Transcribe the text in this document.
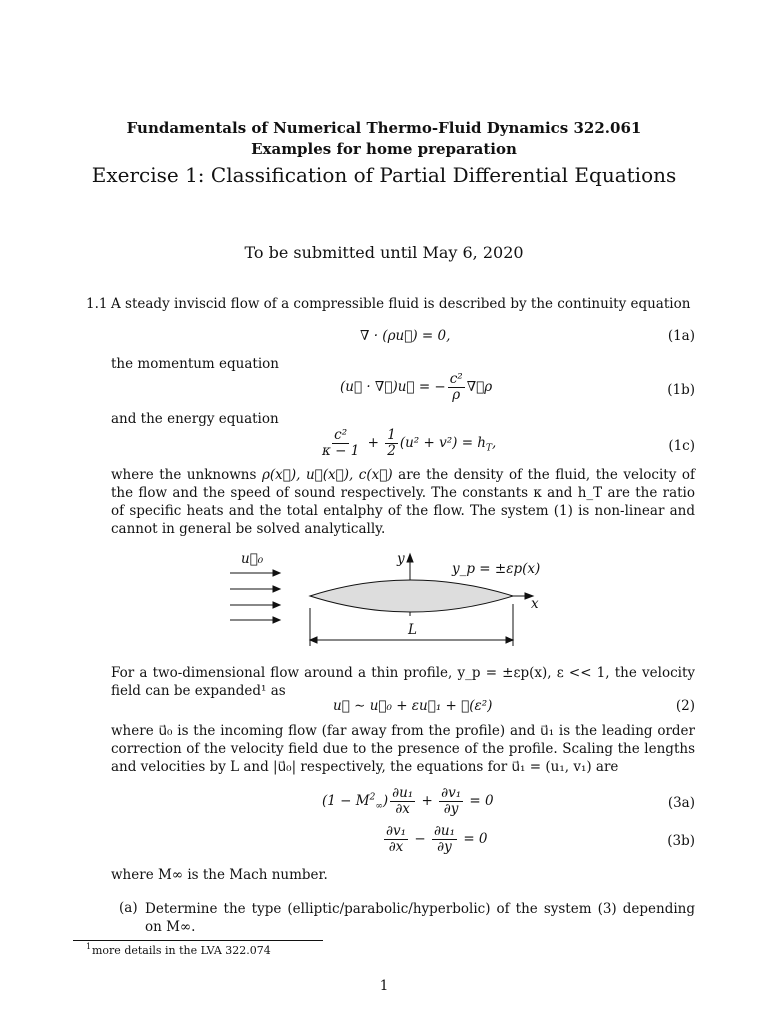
Fundamentals of Numerical Thermo-Fluid Dynamics 322.061
Examples for home preparation
Exercise 1: Classification of Partial Differential Equations
To be submitted until May 6, 2020
1.1 A steady inviscid flow of a compressible fluid is described by the continuity equation
∇ · (ρu⃗) = 0,	(1a)
the momentum equation
(u⃗ · ∇⃗)u⃗ = − $\frac{\text{c²}}{\rho}$ ∇⃗ρ	(1b)
and the energy equation
$\frac{\text{c²}}{\kappa - 1} + \frac{1}{2} (u^2 + v^2) = h_T$,	(1c)
where the unknowns ρ(x⃗), u⃗(x⃗), c(x⃗) are the density of the fluid, the velocity of the flow and the speed of sound respectively. The constants κ and h_T are the ratio of specific heats and the total entalphy of the flow. The system (1) is non-linear and cannot in general be solved analytically.
u⃗₀	y
x
y_p = ±εp(x)
L
For a two-dimensional flow around a thin profile, y_p = ±εp(x), ε << 1, the velocity field can be expanded¹ as
u⃗ ∼ u⃗₀ + εu⃗₁ + 𝒪(ε²)	(2)
where u⃗₀ is the incoming flow (far away from the profile) and u⃗₁ is the leading order correction of the velocity field due to the presence of the profile. Scaling the lengths and velocities by L and |u⃗₀| respectively, the equations for u⃗₁ = (u₁, v₁) are
$(1 - M^2_\infty) \frac{\text{∂u₁}}{\partial x} + \frac{\text{∂v₁}}{\partial y} = 0$	(3a)
$\frac{\text{∂v₁}}{\partial x} - \frac{\text{∂u₁}}{\partial y} = 0$	(3b)
where M∞ is the Mach number.
(a) Determine the type (elliptic/parabolic/hyperbolic) of the system (3) depending on M∞.
1 more details in the LVA 322.074
1
